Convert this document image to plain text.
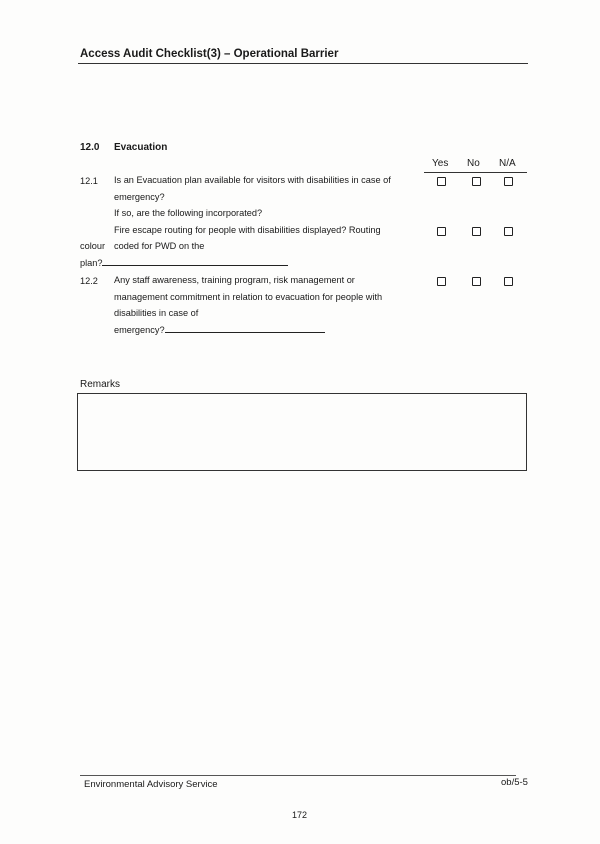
Access Audit Checklist(3) – Operational Barrier
12.0 Evacuation
Yes No N/A
12.1 Is an Evacuation plan available for visitors with disabilities in case of
emergency?
If so, are the following incorporated?
Fire escape routing for people with disabilities displayed? Routing
colour coded for PWD on the
plan?
12.2 Any staff awareness, training program, risk management or
management commitment in relation to evacuation for people with
disabilities in case of
emergency?
Remarks
Environmental Advisory Service	ob/5-5
172
